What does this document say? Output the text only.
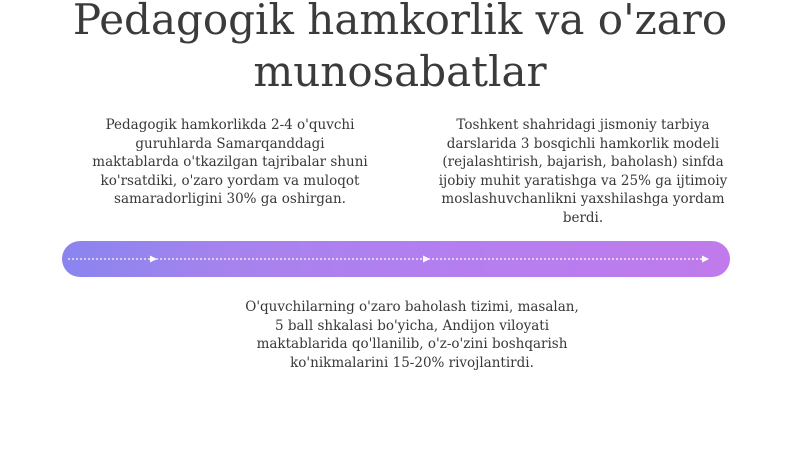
Pedagogik hamkorlik va o'zaro
munosabatlar

Pedagogik hamkorlikda 2-4 o'quvchi
guruhlarda Samarqanddagi
maktablarda o'tkazilgan tajribalar shuni
ko'rsatdiki, o'zaro yordam va muloqot
samaradorligini 30% ga oshirgan.

Toshkent shahridagi jismoniy tarbiya
darslarida 3 bosqichli hamkorlik modeli
(rejalashtirish, bajarish, baholash) sinfda
ijobiy muhit yaratishga va 25% ga ijtimoiy
moslashuvchanlikni yaxshilashga yordam
berdi.

O'quvchilarning o'zaro baholash tizimi, masalan,
5 ball shkalasi bo'yicha, Andijon viloyati
maktablarida qo'llanilib, o'z-o'zini boshqarish
ko'nikmalarini 15-20% rivojlantirdi.
